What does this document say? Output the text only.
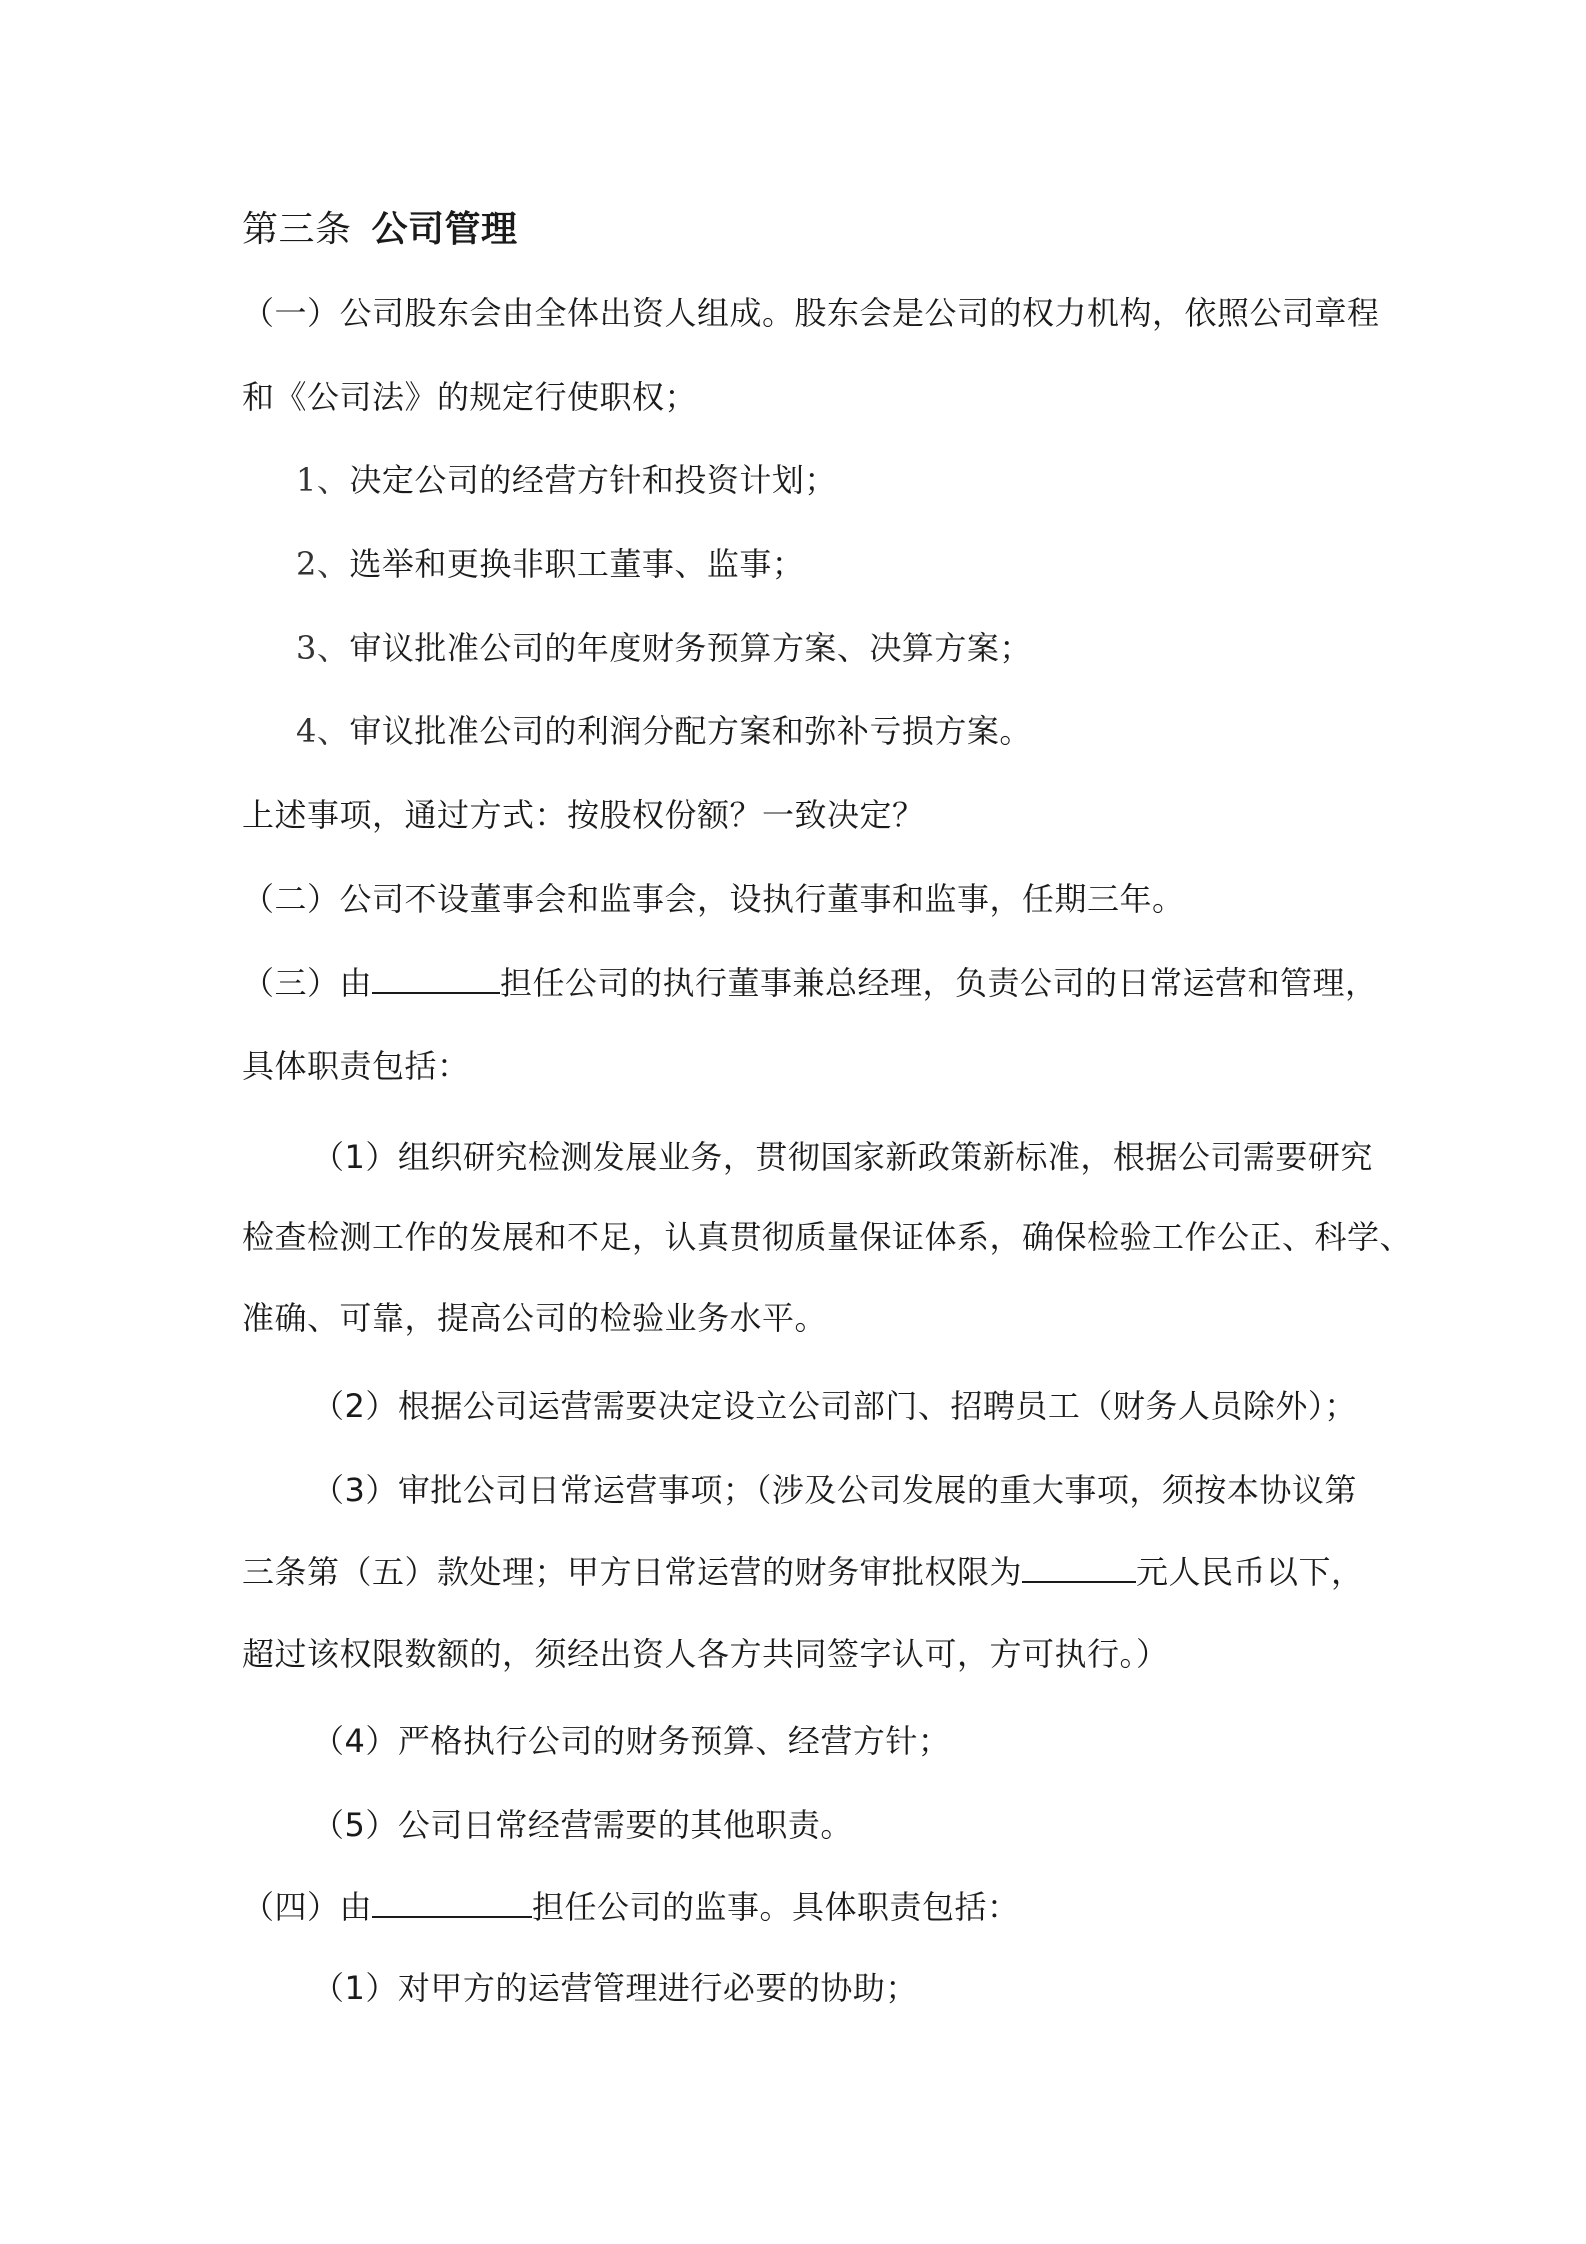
第三条 公司管理
（一）公司股东会由全体出资人组成。股东会是公司的权力机构，依照公司章程
和《公司法》的规定行使职权；
1、决定公司的经营方针和投资计划；
2、选举和更换非职工董事、监事；
3、审议批准公司的年度财务预算方案、决算方案；
4、审议批准公司的利润分配方案和弥补亏损方案。
上述事项，通过方式：按股权份额？一致决定？
（二）公司不设董事会和监事会，设执行董事和监事，任期三年。
（三）由	担任公司的执行董事兼总经理，负责公司的日常运营和管理，
具体职责包括：
（1）组织研究检测发展业务，贯彻国家新政策新标准，根据公司需要研究
检查检测工作的发展和不足，认真贯彻质量保证体系，确保检验工作公正、科学、
准确、可靠，提高公司的检验业务水平。
（2）根据公司运营需要决定设立公司部门、招聘员工（财务人员除外）；
（3）审批公司日常运营事项；（涉及公司发展的重大事项，须按本协议第
三条第（五）款处理；甲方日常运营的财务审批权限为	元人民币以下，
超过该权限数额的，须经出资人各方共同签字认可，方可执行。）
（4）严格执行公司的财务预算、经营方针；
（5）公司日常经营需要的其他职责。
（四）由	担任公司的监事。具体职责包括：
（1）对甲方的运营管理进行必要的协助；
